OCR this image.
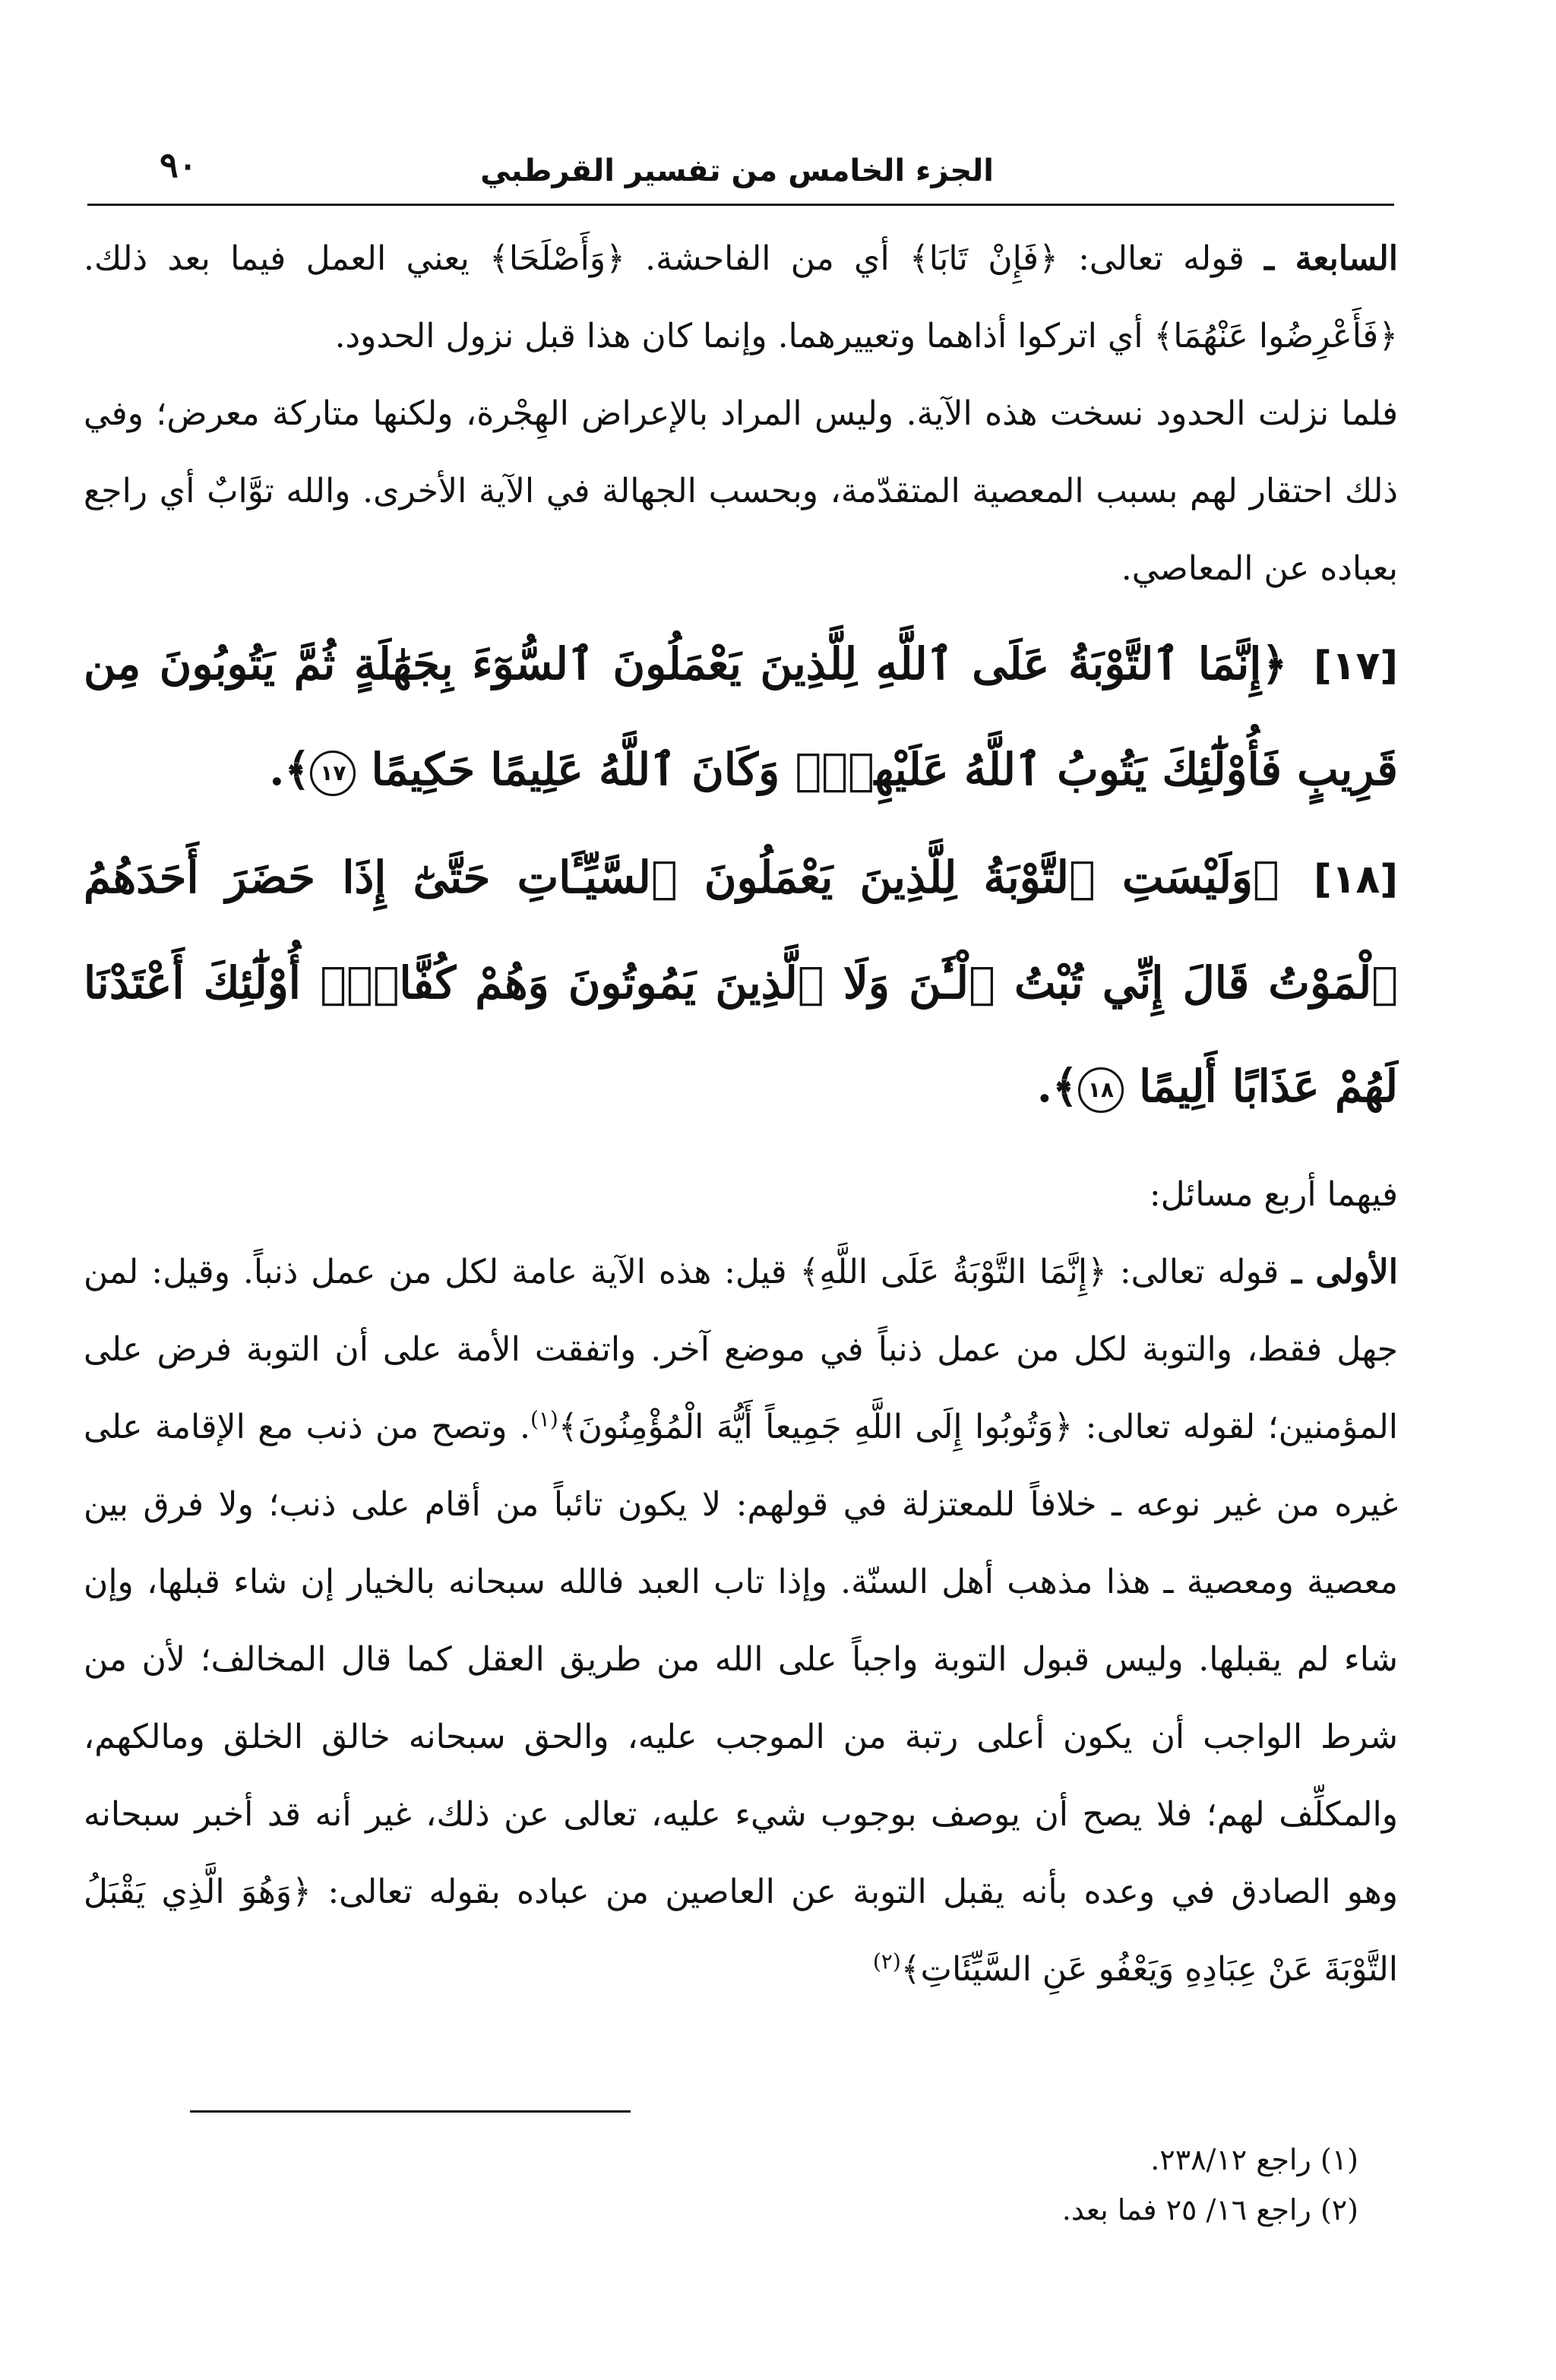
الجزء الخامس من تفسير القرطبي
٩٠

السابعة ـ قوله تعالى: ﴿فَإِنْ تَابَا﴾ أي من الفاحشة. ﴿وَأَصْلَحَا﴾ يعني العمل فيما بعد ذلك. ﴿فَأَعْرِضُوا عَنْهُمَا﴾ أي اتركوا أذاهما وتعييرهما. وإنما كان هذا قبل نزول الحدود.

فلما نزلت الحدود نسخت هذه الآية. وليس المراد بالإعراض الهِجْرة، ولكنها متاركة معرض؛ وفي ذلك احتقار لهم بسبب المعصية المتقدّمة، وبحسب الجهالة في الآية الأخرى. والله توَّابٌ أي راجع بعباده عن المعاصي.

[١٧] ﴿إِنَّمَا ٱلتَّوْبَةُ عَلَى ٱللَّهِ لِلَّذِينَ يَعْمَلُونَ ٱلسُّوٓءَ بِجَهَٰلَةٍ ثُمَّ يَتُوبُونَ مِن قَرِيبٍ فَأُوْلَٰٓئِكَ يَتُوبُ ٱللَّهُ عَلَيْهِمْۗ وَكَانَ ٱللَّهُ عَلِيمًا حَكِيمًا ١٧﴾.

[١٨] ﴿وَلَيْسَتِ ٱلتَّوْبَةُ لِلَّذِينَ يَعْمَلُونَ ٱلسَّيِّـَٔاتِ حَتَّىٰٓ إِذَا حَضَرَ أَحَدَهُمُ ٱلْمَوْتُ قَالَ إِنِّي تُبْتُ ٱلْـَٰٔنَ وَلَا ٱلَّذِينَ يَمُوتُونَ وَهُمْ كُفَّارٌۚ أُوْلَٰٓئِكَ أَعْتَدْنَا لَهُمْ عَذَابًا أَلِيمًا ١٨﴾.

فيهما أربع مسائل:

الأولى ـ قوله تعالى: ﴿إِنَّمَا التَّوْبَةُ عَلَى اللَّهِ﴾ قيل: هذه الآية عامة لكل من عمل ذنباً. وقيل: لمن جهل فقط، والتوبة لكل من عمل ذنباً في موضع آخر. واتفقت الأمة على أن التوبة فرض على المؤمنين؛ لقوله تعالى: ﴿وَتُوبُوا إِلَى اللَّهِ جَمِيعاً أَيُّهَ الْمُؤْمِنُونَ﴾$^{(١)}$. وتصح من ذنب مع الإقامة على غيره من غير نوعه ـ خلافاً للمعتزلة في قولهم: لا يكون تائباً من أقام على ذنب؛ ولا فرق بين معصية ومعصية ـ هذا مذهب أهل السنّة. وإذا تاب العبد فالله سبحانه بالخيار إن شاء قبلها، وإن شاء لم يقبلها. وليس قبول التوبة واجباً على الله من طريق العقل كما قال المخالف؛ لأن من شرط الواجب أن يكون أعلى رتبة من الموجب عليه، والحق سبحانه خالق الخلق ومالكهم، والمكلِّف لهم؛ فلا يصح أن يوصف بوجوب شيء عليه، تعالى عن ذلك، غير أنه قد أخبر سبحانه وهو الصادق في وعده بأنه يقبل التوبة عن العاصين من عباده بقوله تعالى: ﴿وَهُوَ الَّذِي يَقْبَلُ التَّوْبَةَ عَنْ عِبَادِهِ وَيَعْفُو عَنِ السَّيِّئَاتِ﴾$^{(٢)}$

(١) راجع ٢٣٨/١٢.

(٢) راجع ١٦/ ٢٥ فما بعد.
